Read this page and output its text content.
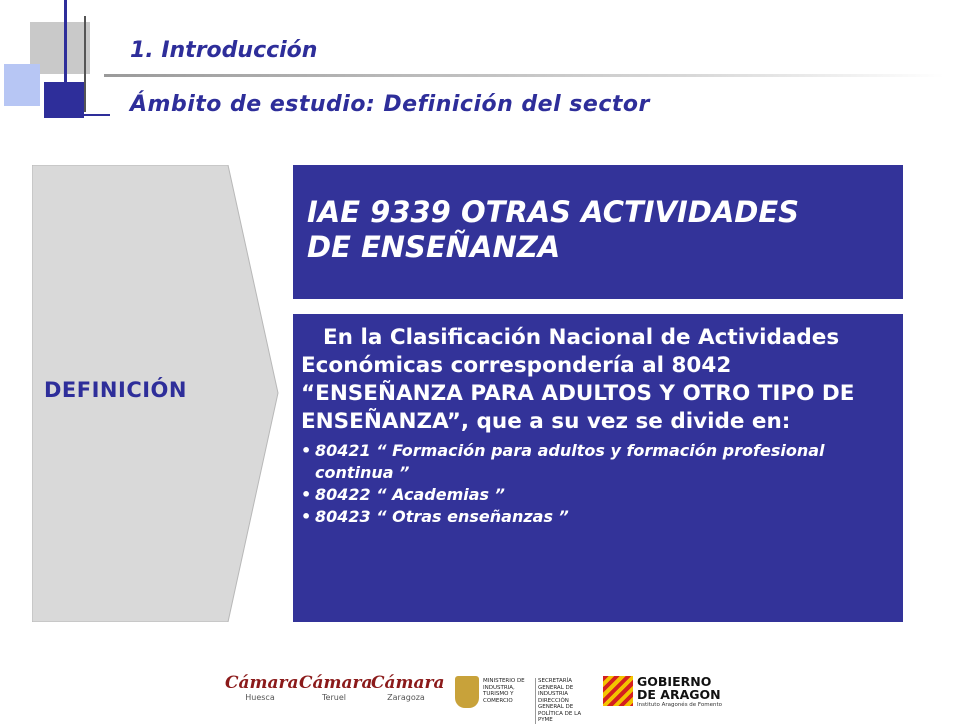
1. Introducción
Ámbito de estudio: Definición del sector
DEFINICIÓN
IAE 9339 OTRAS ACTIVIDADES
DE ENSEÑANZA
En la Clasificación Nacional de Actividades Económicas correspondería al 8042 “ENSEÑANZA PARA ADULTOS Y OTRO TIPO DE ENSEÑANZA”, que a su vez se divide en:
• 80421 “ Formación para adultos y formación profesional continua ”
• 80422 “ Academias ”
• 80423 “ Otras enseñanzas ”
Cámara
Huesca
Cámara
Teruel
Cámara
Zaragoza
MINISTERIO DE INDUSTRIA, TURISMO Y COMERCIO
SECRETARÍA GENERAL DE INDUSTRIA DIRECCIÓN GENERAL DE POLÍTICA DE LA PYME
GOBIERNO
DE ARAGON
Instituto Aragonés de Fomento
